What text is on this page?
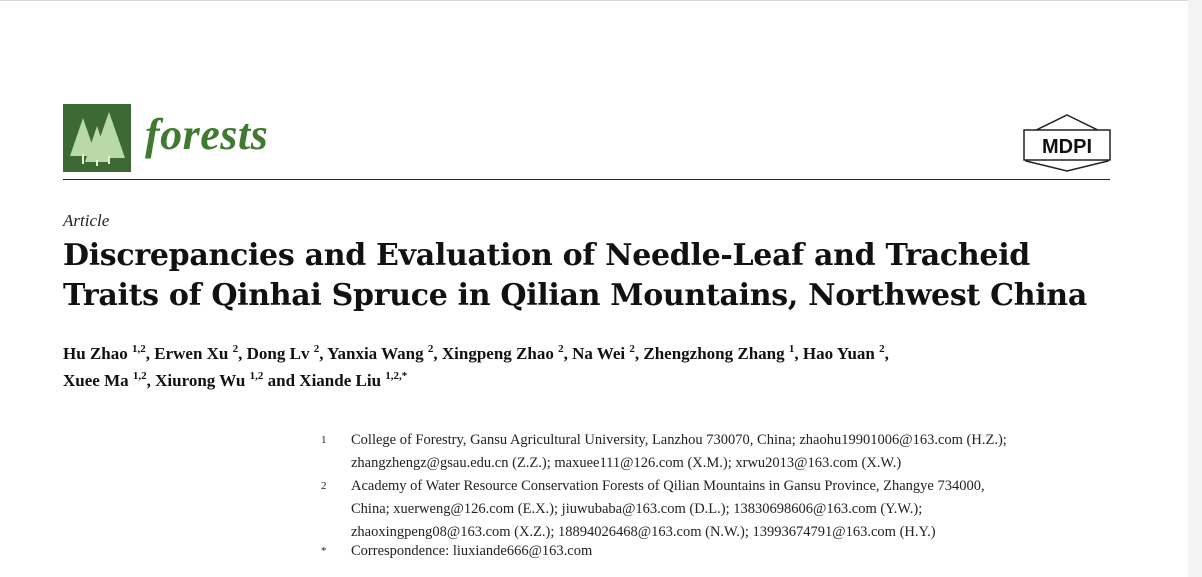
forests	MDPI
Article
Discrepancies and Evaluation of Needle-Leaf and Tracheid
Traits of Qinhai Spruce in Qilian Mountains, Northwest China
Hu Zhao $^{1,2}$, Erwen Xu $^2$, Dong Lv $^2$, Yanxia Wang $^2$, Xingpeng Zhao $^2$, Na Wei $^2$, Zhengzhong Zhang $^1$, Hao Yuan $^2$,
Xuee Ma $^{1,2}$, Xiurong Wu $^{1,2}$ and Xiande Liu $^{1,2,*}$
1 College of Forestry, Gansu Agricultural University, Lanzhou 730070, China; zhaohu19901006@163.com (H.Z.);
zhangzhengz@gsau.edu.cn (Z.Z.); maxuee111@126.com (X.M.); xrwu2013@163.com (X.W.)
2 Academy of Water Resource Conservation Forests of Qilian Mountains in Gansu Province, Zhangye 734000,
China; xuerweng@126.com (E.X.); jiuwubaba@163.com (D.L.); 13830698606@163.com (Y.W.);
zhaoxingpeng08@163.com (X.Z.); 18894026468@163.com (N.W.); 13993674791@163.com (H.Y.)
* Correspondence: liuxiande666@163.com
